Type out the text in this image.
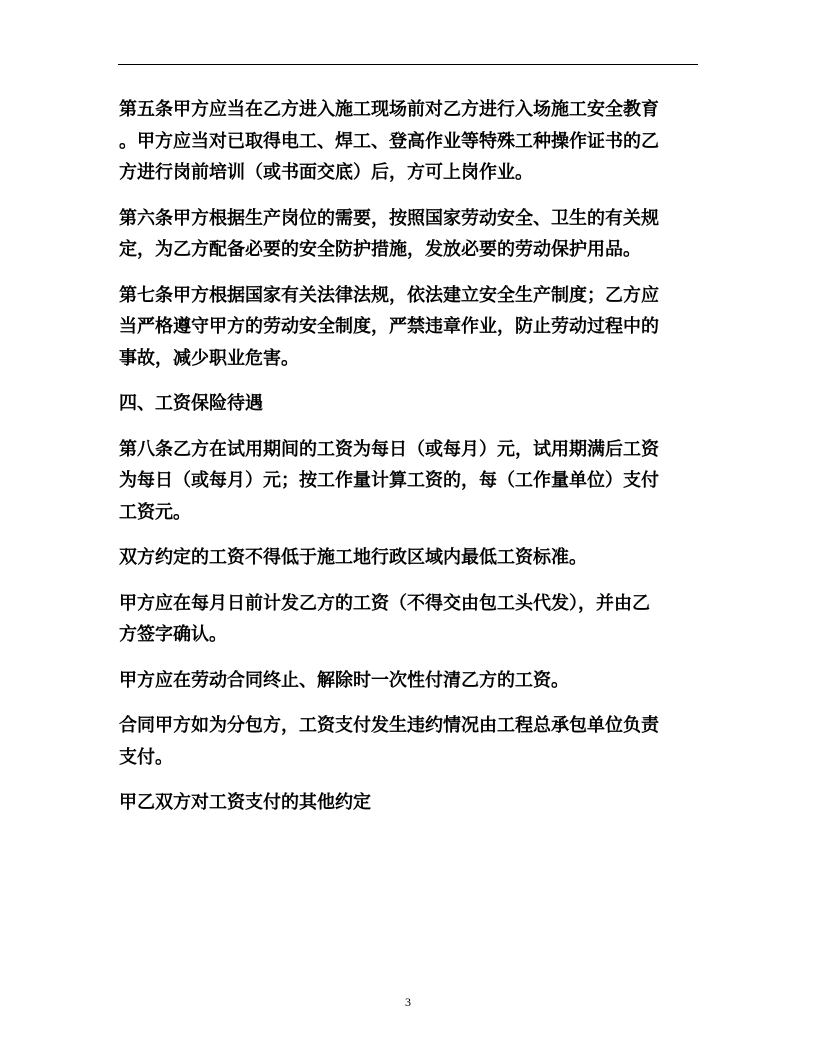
第五条甲方应当在乙方进入施工现场前对乙方进行入场施工安全教育
。甲方应当对已取得电工、焊工、登高作业等特殊工种操作证书的乙
方进行岗前培训（或书面交底）后，方可上岗作业。

第六条甲方根据生产岗位的需要，按照国家劳动安全、卫生的有关规
定，为乙方配备必要的安全防护措施，发放必要的劳动保护用品。

第七条甲方根据国家有关法律法规，依法建立安全生产制度；乙方应
当严格遵守甲方的劳动安全制度，严禁违章作业，防止劳动过程中的
事故，减少职业危害。

四、工资保险待遇

第八条乙方在试用期间的工资为每日（或每月）元，试用期满后工资
为每日（或每月）元；按工作量计算工资的，每（工作量单位）支付
工资元。

双方约定的工资不得低于施工地行政区域内最低工资标准。

甲方应在每月日前计发乙方的工资（不得交由包工头代发），并由乙
方签字确认。

甲方应在劳动合同终止、解除时一次性付清乙方的工资。

合同甲方如为分包方，工资支付发生违约情况由工程总承包单位负责
支付。

甲乙双方对工资支付的其他约定

3
